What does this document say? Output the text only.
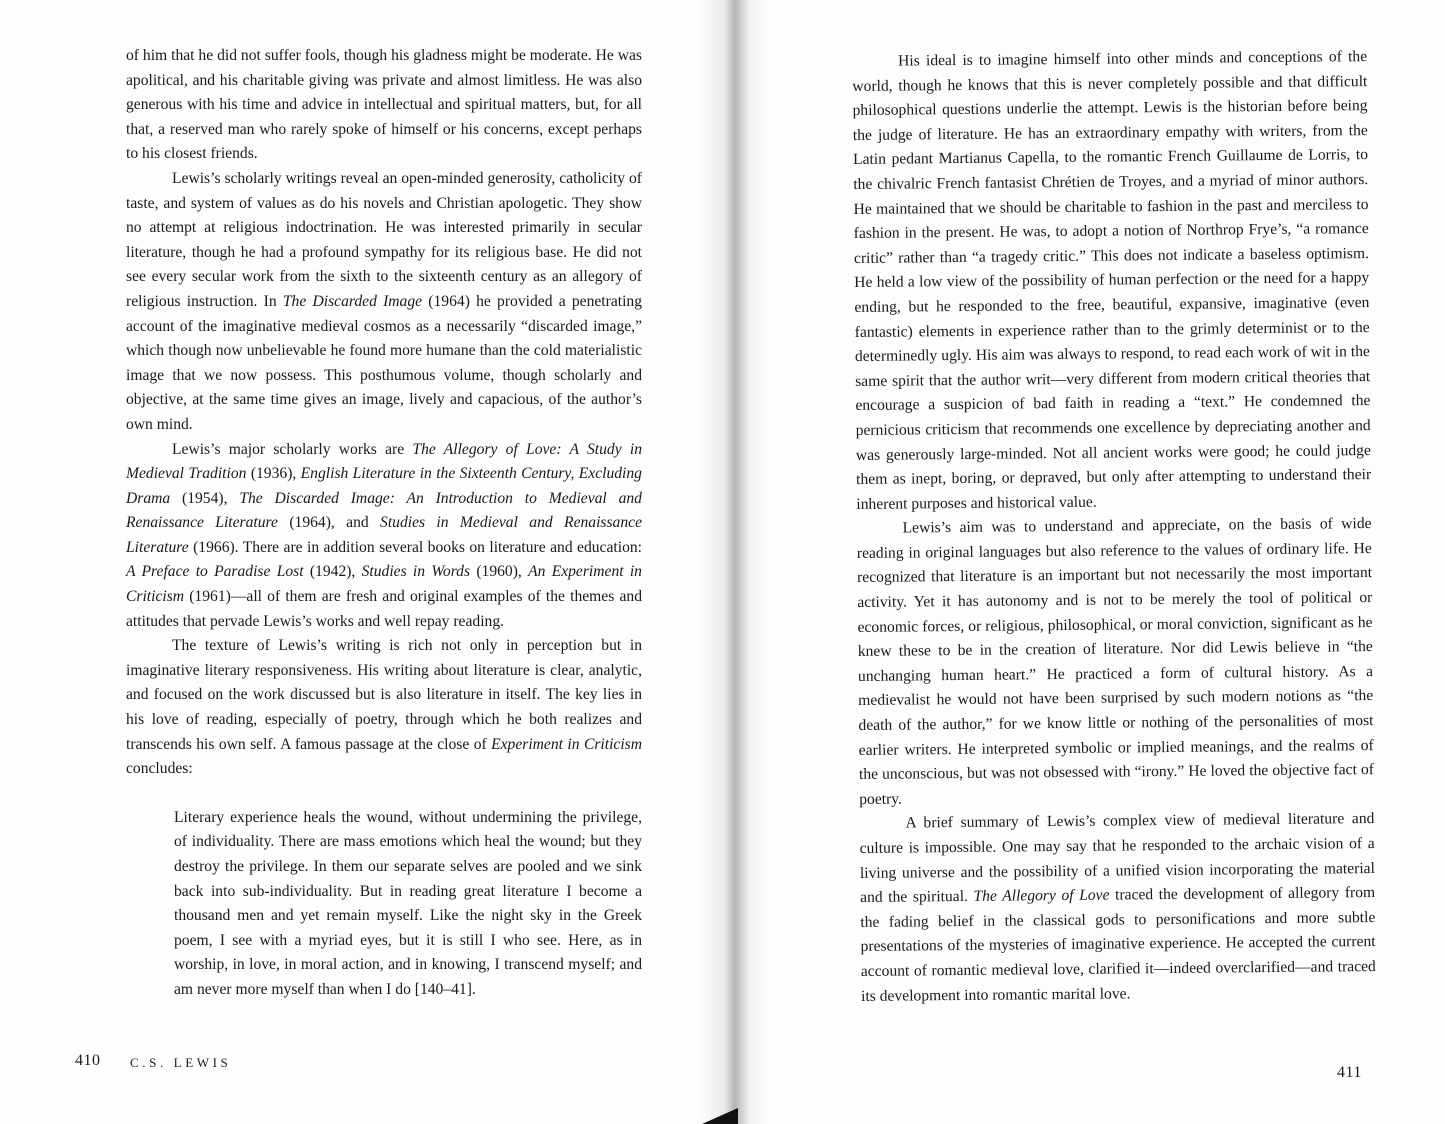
of him that he did not suffer fools, though his gladness might be moderate. He was apolitical, and his charitable giving was private and almost limitless. He was also generous with his time and advice in intellectual and spiritual matters, but, for all that, a reserved man who rarely spoke of himself or his concerns, except perhaps to his closest friends.

Lewis’s scholarly writings reveal an open-minded generosity, catholicity of taste, and system of values as do his novels and Christian apologetic. They show no attempt at religious indoctrination. He was interested primarily in secular literature, though he had a profound sympathy for its religious base. He did not see every secular work from the sixth to the sixteenth century as an allegory of religious instruction. In The Discarded Image (1964) he provided a penetrating account of the imaginative medieval cosmos as a necessarily “discarded image,” which though now unbelievable he found more humane than the cold materialistic image that we now possess. This posthumous volume, though scholarly and objective, at the same time gives an image, lively and capacious, of the author’s own mind.

Lewis’s major scholarly works are The Allegory of Love: A Study in Medieval Tradition (1936), English Literature in the Sixteenth Century, Excluding Drama (1954), The Discarded Image: An Introduction to Medieval and Renaissance Literature (1964), and Studies in Medieval and Renaissance Literature (1966). There are in addition several books on literature and education: A Preface to Paradise Lost (1942), Studies in Words (1960), An Experiment in Criticism (1961)—all of them are fresh and original examples of the themes and attitudes that pervade Lewis’s works and well repay reading.

The texture of Lewis’s writing is rich not only in perception but in imaginative literary responsiveness. His writing about literature is clear, analytic, and focused on the work discussed but is also literature in itself. The key lies in his love of reading, especially of poetry, through which he both realizes and transcends his own self. A famous passage at the close of Experiment in Criticism concludes:

Literary experience heals the wound, without undermining the privilege, of individuality. There are mass emotions which heal the wound; but they destroy the privilege. In them our separate selves are pooled and we sink back into sub-individuality. But in reading great literature I become a thousand men and yet remain myself. Like the night sky in the Greek poem, I see with a myriad eyes, but it is still I who see. Here, as in worship, in love, in moral action, and in knowing, I transcend myself; and am never more myself than when I do [140–41].

410 C.S. LEWIS

His ideal is to imagine himself into other minds and conceptions of the world, though he knows that this is never completely possible and that difficult philosophical questions underlie the attempt. Lewis is the historian before being the judge of literature. He has an extraordinary empathy with writers, from the Latin pedant Martianus Capella, to the romantic French Guillaume de Lorris, to the chivalric French fantasist Chrétien de Troyes, and a myriad of minor authors. He maintained that we should be charitable to fashion in the past and merciless to fashion in the present. He was, to adopt a notion of Northrop Frye’s, “a romance critic” rather than “a tragedy critic.” This does not indicate a baseless optimism. He held a low view of the possibility of human perfection or the need for a happy ending, but he responded to the free, beautiful, expansive, imaginative (even fantastic) elements in experience rather than to the grimly determinist or to the determinedly ugly. His aim was always to respond, to read each work of wit in the same spirit that the author writ—very different from modern critical theories that encourage a suspicion of bad faith in reading a “text.” He condemned the pernicious criticism that recommends one excellence by depreciating another and was generously large-minded. Not all ancient works were good; he could judge them as inept, boring, or depraved, but only after attempting to understand their inherent purposes and historical value.

Lewis’s aim was to understand and appreciate, on the basis of wide reading in original languages but also reference to the values of ordinary life. He recognized that literature is an important but not necessarily the most important activity. Yet it has autonomy and is not to be merely the tool of political or economic forces, or religious, philosophical, or moral conviction, significant as he knew these to be in the creation of literature. Nor did Lewis believe in “the unchanging human heart.” He practiced a form of cultural history. As a medievalist he would not have been surprised by such modern notions as “the death of the author,” for we know little or nothing of the personalities of most earlier writers. He interpreted symbolic or implied meanings, and the realms of the unconscious, but was not obsessed with “irony.” He loved the objective fact of poetry.

A brief summary of Lewis’s complex view of medieval literature and culture is impossible. One may say that he responded to the archaic vision of a living universe and the possibility of a unified vision incorporating the material and the spiritual. The Allegory of Love traced the development of allegory from the fading belief in the classical gods to personifications and more subtle presentations of the mysteries of imaginative experience. He accepted the current account of romantic medieval love, clarified it—indeed overclarified—and traced its development into romantic marital love.

411
